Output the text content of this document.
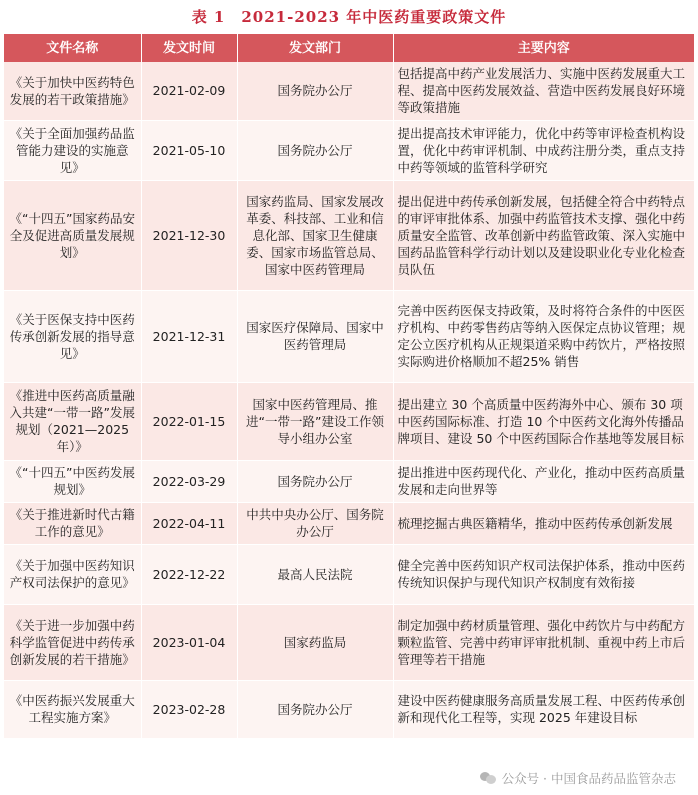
表 1　2021-2023 年中医药重要政策文件
文件名称	发文时间	发文部门	主要内容
《关于加快中医药特色发展的若干政策措施》	2021-02-09	国务院办公厅	包括提高中药产业发展活力、实施中医药发展重大工程、提高中医药发展效益、营造中医药发展良好环境等政策措施
《关于全面加强药品监管能力建设的实施意见》	2021-05-10	国务院办公厅	提出提高技术审评能力，优化中药等审评检查机构设置，优化中药审评机制、中成药注册分类，重点支持中药等领域的监管科学研究
《“十四五”国家药品安全及促进高质量发展规划》	2021-12-30	国家药监局、国家发展改革委、科技部、工业和信息化部、国家卫生健康委、国家市场监管总局、国家中医药管理局	提出促进中药传承创新发展，包括健全符合中药特点的审评审批体系、加强中药监管技术支撑、强化中药质量安全监管、改革创新中药监管政策、深入实施中国药品监管科学行动计划以及建设职业化专业化检查员队伍
《关于医保支持中医药传承创新发展的指导意见》	2021-12-31	国家医疗保障局、国家中医药管理局	完善中医药医保支持政策，及时将符合条件的中医医疗机构、中药零售药店等纳入医保定点协议管理；规定公立医疗机构从正规渠道采购中药饮片，严格按照实际购进价格顺加不超25% 销售
《推进中医药高质量融入共建“一带一路”发展规划（2021—2025 年）》	2022-01-15	国家中医药管理局、推进“一带一路”建设工作领导小组办公室	提出建立 30 个高质量中医药海外中心、颁布 30 项中医药国际标准、打造 10 个中医药文化海外传播品牌项目、建设 50 个中医药国际合作基地等发展目标
《“十四五”中医药发展规划》	2022-03-29	国务院办公厅	提出推进中医药现代化、产业化，推动中医药高质量发展和走向世界等
《关于推进新时代古籍工作的意见》	2022-04-11	中共中央办公厅、国务院办公厅	梳理挖掘古典医籍精华，推动中医药传承创新发展
《关于加强中医药知识产权司法保护的意见》	2022-12-22	最高人民法院	健全完善中医药知识产权司法保护体系，推动中医药传统知识保护与现代知识产权制度有效衔接
《关于进一步加强中药科学监管促进中药传承创新发展的若干措施》	2023-01-04	国家药监局	制定加强中药材质量管理、强化中药饮片与中药配方颗粒监管、完善中药审评审批机制、重视中药上市后管理等若干措施
《中医药振兴发展重大工程实施方案》	2023-02-28	国务院办公厅	建设中医药健康服务高质量发展工程、中医药传承创新和现代化工程等，实现 2025 年建设目标
公众号 · 中国食品药品监管杂志
